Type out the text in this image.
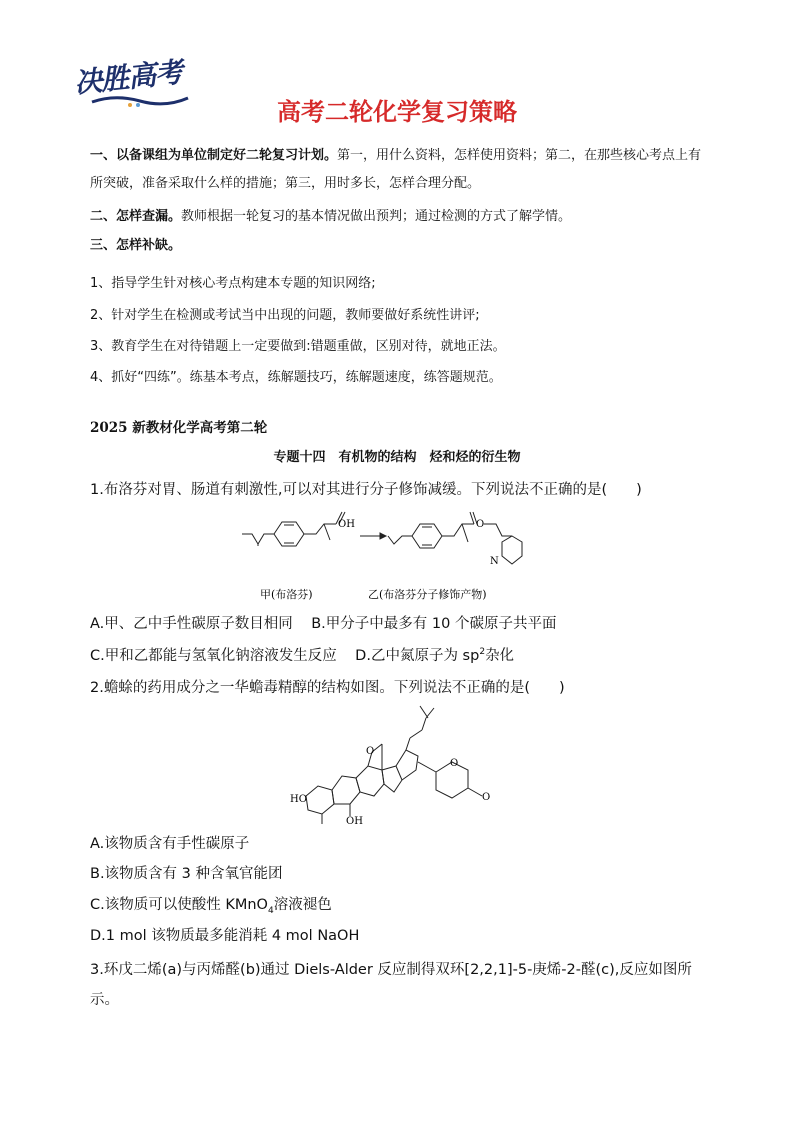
决胜高考
高考二轮化学复习策略
一、以备课组为单位制定好二轮复习计划。第一，用什么资料，怎样使用资料；第二，在那些核心考点上有所突破，准备采取什么样的措施；第三，用时多长，怎样合理分配。
二、怎样查漏。教师根据一轮复习的基本情况做出预判；通过检测的方式了解学情。
三、怎样补缺。
1、指导学生针对核心考点构建本专题的知识网络;
2、针对学生在检测或考试当中出现的问题，教师要做好系统性讲评;
3、教育学生在对待错题上一定要做到:错题重做，区别对待，就地正法。
4、抓好“四练”。练基本考点，练解题技巧，练解题速度，练答题规范。
2025 新教材化学高考第二轮
专题十四　有机物的结构　烃和烃的衍生物
1.布洛芬对胃、肠道有刺激性,可以对其进行分子修饰减缓。下列说法不正确的是(　　)
OH	O
N
甲(布洛芬)	乙(布洛芬分子修饰产物)
A.甲、乙中手性碳原子数目相同 B.甲分子中最多有 10 个碳原子共平面
C.甲和乙都能与氢氧化钠溶液发生反应 D.乙中氮原子为 $sp^2$杂化
2.蟾蜍的药用成分之一华蟾毒精醇的结构如图。下列说法不正确的是(　　)
HO
OH
O
O
O
A.该物质含有手性碳原子
B.该物质含有 3 种含氧官能团
C.该物质可以使酸性 KMnO$_4$溶液褪色
D.1 mol 该物质最多能消耗 4 mol NaOH
3.环戊二烯(a)与丙烯醛(b)通过 Diels-Alder 反应制得双环[2,2,1]-5-庚烯-2-醛(c),反应如图所
示。
